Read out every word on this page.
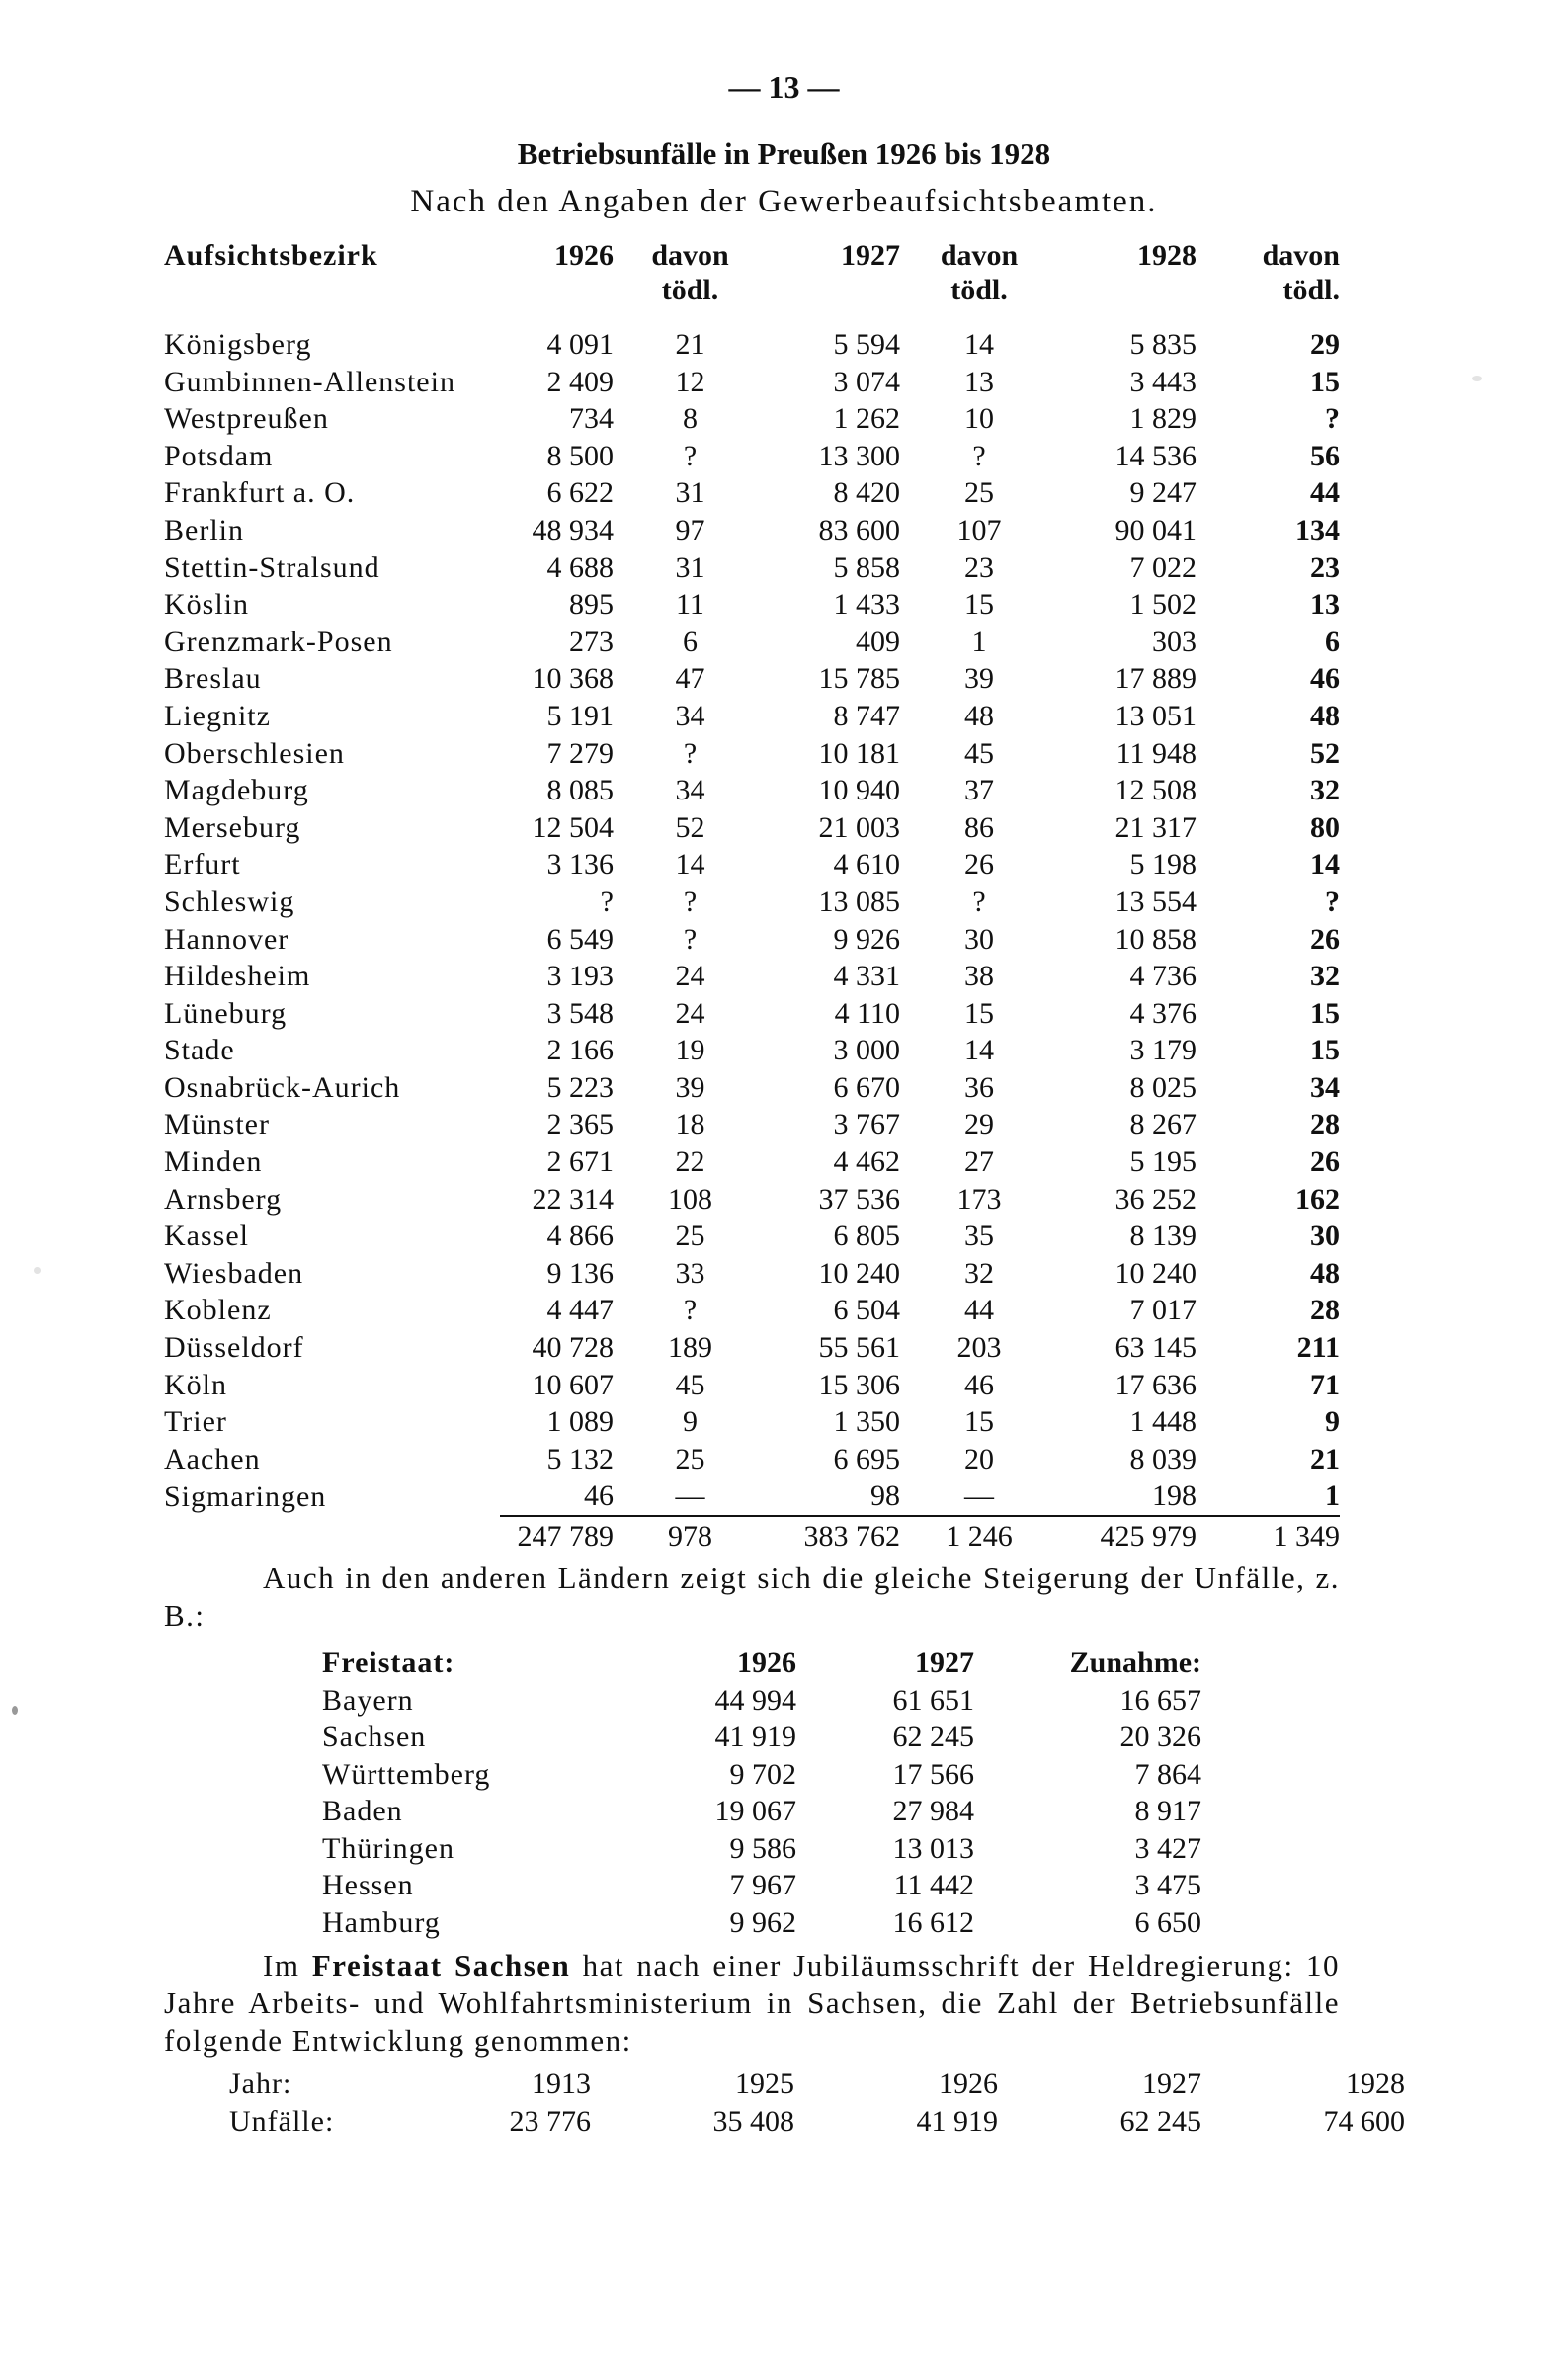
— 13 —
Betriebsunfälle in Preußen 1926 bis 1928
Nach den Angaben der Gewerbeaufsichtsbeamten.
Aufsichtsbezirk	1926	davon	1927	davon	1928	davon
		tödl.		tödl.		tödl.

Königsberg	4 091	21	5 594	14	5 835	29
Gumbinnen-Allenstein	2 409	12	3 074	13	3 443	15
Westpreußen	734	8	1 262	10	1 829	?
Potsdam	8 500	?	13 300	?	14 536	56
Frankfurt a. O.	6 622	31	8 420	25	9 247	44
Berlin	48 934	97	83 600	107	90 041	134
Stettin-Stralsund	4 688	31	5 858	23	7 022	23
Köslin	895	11	1 433	15	1 502	13
Grenzmark-Posen	273	6	409	1	303	6
Breslau	10 368	47	15 785	39	17 889	46
Liegnitz	5 191	34	8 747	48	13 051	48
Oberschlesien	7 279	?	10 181	45	11 948	52
Magdeburg	8 085	34	10 940	37	12 508	32
Merseburg	12 504	52	21 003	86	21 317	80
Erfurt	3 136	14	4 610	26	5 198	14
Schleswig	?	?	13 085	?	13 554	?
Hannover	6 549	?	9 926	30	10 858	26
Hildesheim	3 193	24	4 331	38	4 736	32
Lüneburg	3 548	24	4 110	15	4 376	15
Stade	2 166	19	3 000	14	3 179	15
Osnabrück-Aurich	5 223	39	6 670	36	8 025	34
Münster	2 365	18	3 767	29	8 267	28
Minden	2 671	22	4 462	27	5 195	26
Arnsberg	22 314	108	37 536	173	36 252	162
Kassel	4 866	25	6 805	35	8 139	30
Wiesbaden	9 136	33	10 240	32	10 240	48
Koblenz	4 447	?	6 504	44	7 017	28
Düsseldorf	40 728	189	55 561	203	63 145	211
Köln	10 607	45	15 306	46	17 636	71
Trier	1 089	9	1 350	15	1 448	9
Aachen	5 132	25	6 695	20	8 039	21
Sigmaringen	46	—	98	—	198	1
	247 789	978	383 762	1 246	425 979	1 349
Auch in den anderen Ländern zeigt sich die gleiche Steigerung der Unfälle, z. B.:
Freistaat:	1926	1927	Zunahme:
Bayern	44 994	61 651	16 657
Sachsen	41 919	62 245	20 326
Württemberg	9 702	17 566	7 864
Baden	19 067	27 984	8 917
Thüringen	9 586	13 013	3 427
Hessen	7 967	11 442	3 475
Hamburg	9 962	16 612	6 650
Im Freistaat Sachsen hat nach einer Jubiläumsschrift der Heldregierung: 10 Jahre Arbeits- und Wohlfahrtsministerium in Sachsen, die Zahl der Betriebsunfälle folgende Entwicklung genommen:
Jahr:	1913	1925	1926	1927	1928
Unfälle:	23 776	35 408	41 919	62 245	74 600
